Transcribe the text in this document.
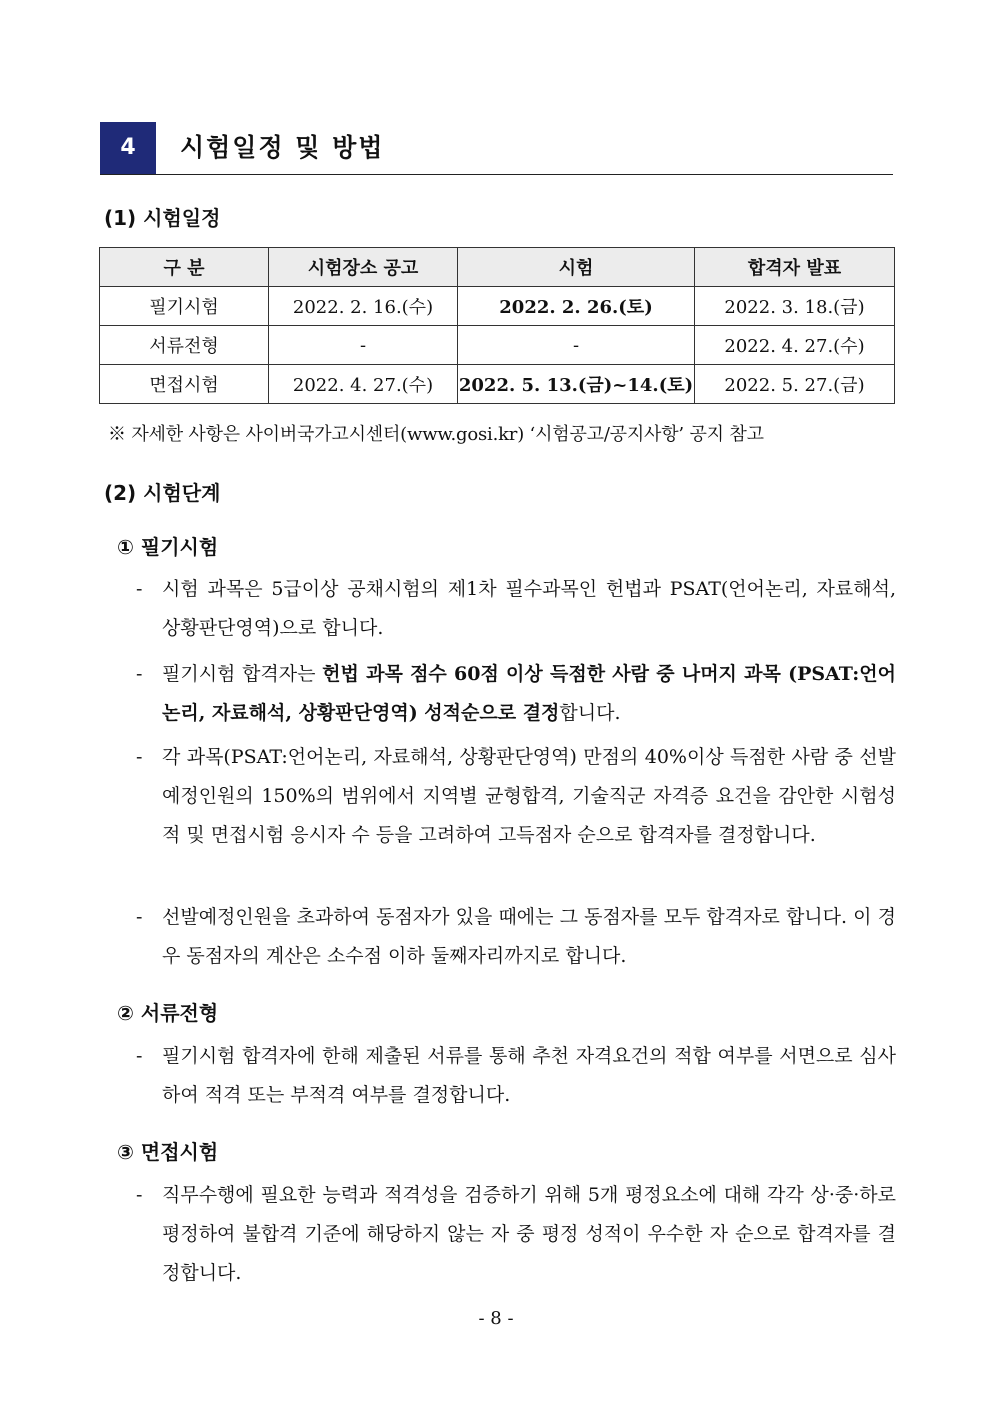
4	시험일정 및 방법
(1) 시험일정
구 분	시험장소 공고	시험	합격자 발표
필기시험	2022. 2. 16.(수)	2022. 2. 26.(토)	2022. 3. 18.(금)
서류전형	-	-	2022. 4. 27.(수)
면접시험	2022. 4. 27.(수)	2022. 5. 13.(금)~14.(토)	2022. 5. 27.(금)
※ 자세한 사항은 사이버국가고시센터(www.gosi.kr) ‘시험공고/공지사항’ 공지 참고
(2) 시험단계
① 필기시험
-	시험 과목은 5급이상 공채시험의 제1차 필수과목인 헌법과 PSAT(언어논리, 자료해석, 상황판단영역)으로 합니다.
-	필기시험 합격자는 헌법 과목 점수 60점 이상 득점한 사람 중 나머지 과목 (PSAT:언어논리, 자료해석, 상황판단영역) 성적순으로 결정합니다.
-	각 과목(PSAT:언어논리, 자료해석, 상황판단영역) 만점의 40%이상 득점한 사람 중 선발예정인원의 150%의 범위에서 지역별 균형합격, 기술직군 자격증 요건을 감안한 시험성적 및 면접시험 응시자 수 등을 고려하여 고득점자 순으로 합격자를 결정합니다.
-	선발예정인원을 초과하여 동점자가 있을 때에는 그 동점자를 모두 합격자로 합니다. 이 경우 동점자의 계산은 소수점 이하 둘째자리까지로 합니다.
② 서류전형
-	필기시험 합격자에 한해 제출된 서류를 통해 추천 자격요건의 적합 여부를 서면으로 심사하여 적격 또는 부적격 여부를 결정합니다.
③ 면접시험
-	직무수행에 필요한 능력과 적격성을 검증하기 위해 5개 평정요소에 대해 각각 상·중·하로 평정하여 불합격 기준에 해당하지 않는 자 중 평정 성적이 우수한 자 순으로 합격자를 결정합니다.
- 8 -
